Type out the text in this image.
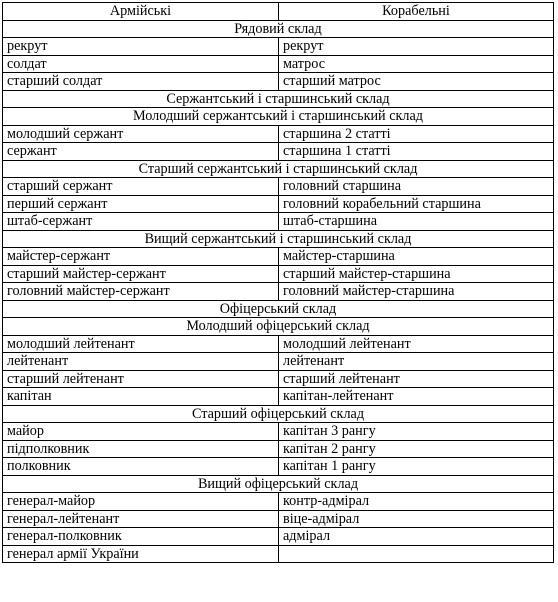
Армійські	Корабельні
Рядовий склад	
рекрут	рекрут
солдат	матрос
старший солдат	старший матрос
Сержантський і старшинський склад	
Молодший сержантський і старшинський склад	
молодший сержант	старшина 2 статті
сержант	старшина 1 статті
Старший сержантський і старшинський склад	
старший сержант	головний старшина
перший сержант	головний корабельний старшина
штаб-сержант	штаб-старшина
Вищий сержантський і старшинський склад	
майстер-сержант	майстер-старшина
старший майстер-сержант	старший майстер-старшина
головний майстер-сержант	головний майстер-старшина
Офіцерський склад	
Молодший офіцерський склад	
молодший лейтенант	молодший лейтенант
лейтенант	лейтенант
старший лейтенант	старший лейтенант
капітан	капітан-лейтенант
Старший офіцерський склад	
майор	капітан 3 рангу
підполковник	капітан 2 рангу
полковник	капітан 1 рангу
Вищий офіцерський склад	
генерал-майор	контр-адмірал
генерал-лейтенант	віце-адмірал
генерал-полковник	адмірал
генерал армії України	
